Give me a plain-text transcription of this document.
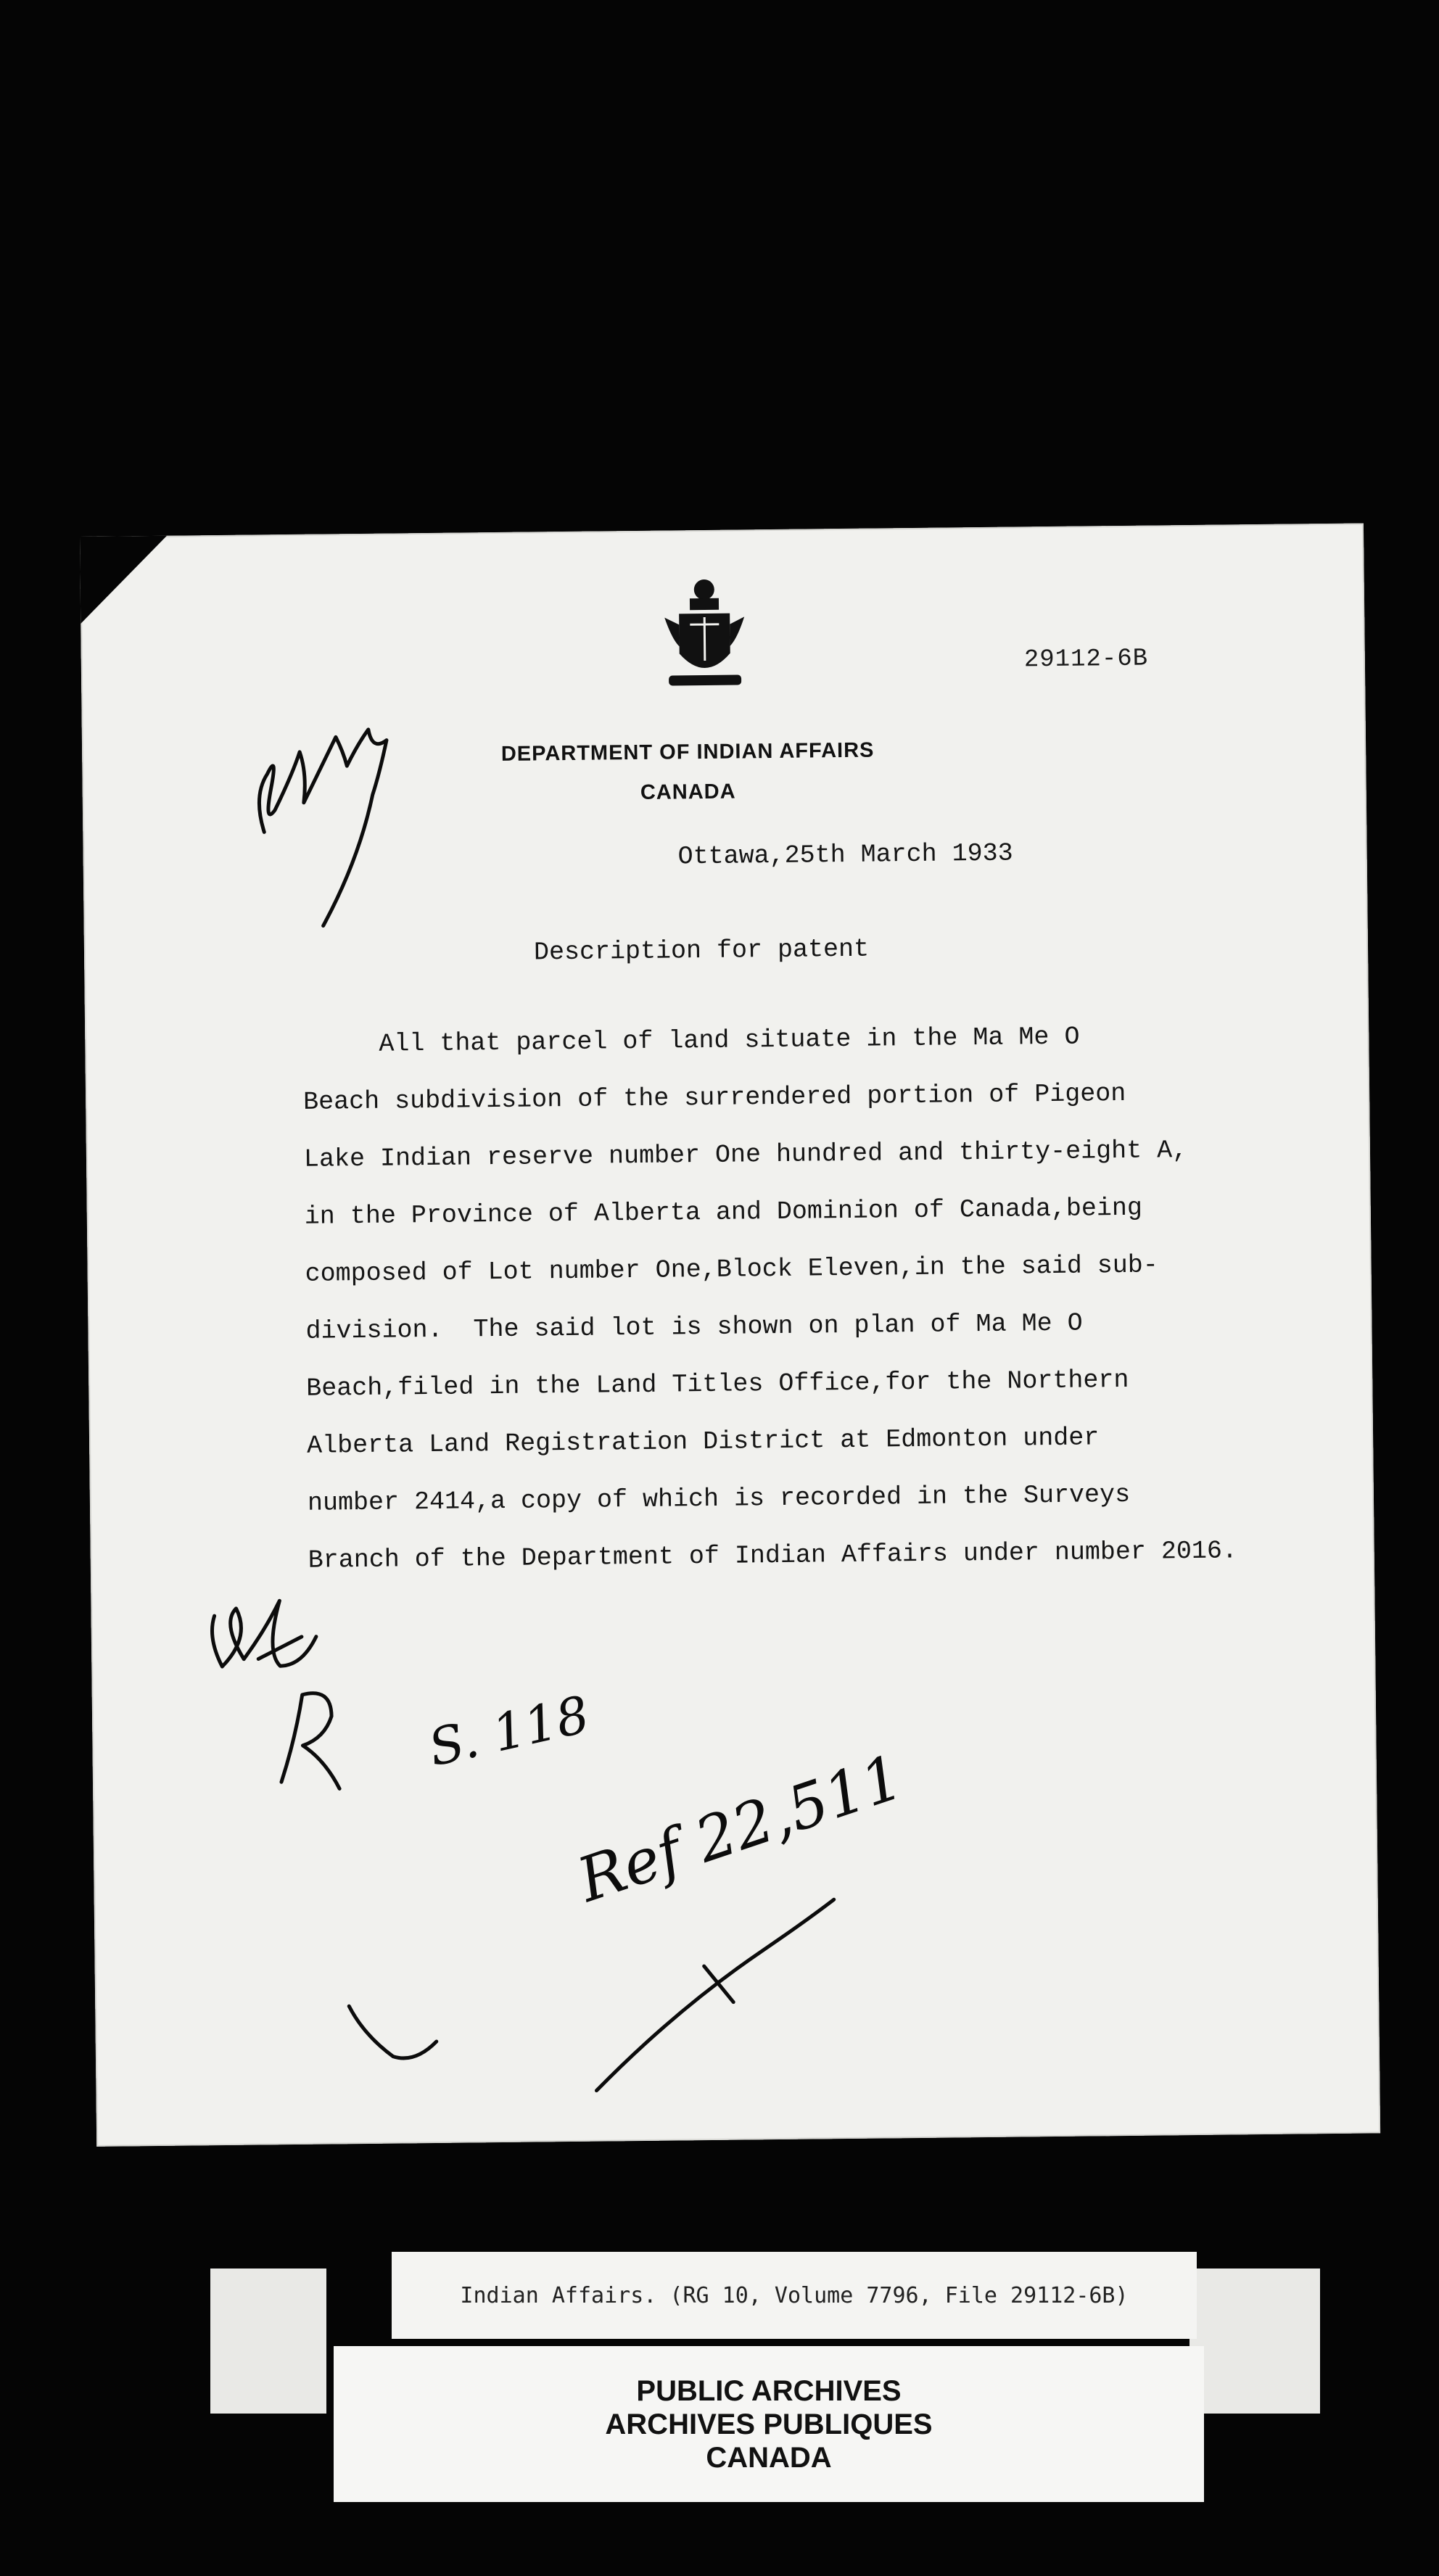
29112-6B
DEPARTMENT OF INDIAN AFFAIRS
CANADA
Ottawa,25th March 1933
Description for patent
All that parcel of land situate in the Ma Me O
Beach subdivision of the surrendered portion of Pigeon
Lake Indian reserve number One hundred and thirty-eight A,
in the Province of Alberta and Dominion of Canada,being
composed of Lot number One,Block Eleven,in the said sub-
division.  The said lot is shown on plan of Ma Me O
Beach,filed in the Land Titles Office,for the Northern
Alberta Land Registration District at Edmonton under
number 2414,a copy of which is recorded in the Surveys
Branch of the Department of Indian Affairs under number 2016.
S. 118
Ref 22,511
Indian Affairs. (RG 10, Volume 7796, File 29112-6B)
PUBLIC ARCHIVES
ARCHIVES PUBLIQUES
CANADA
